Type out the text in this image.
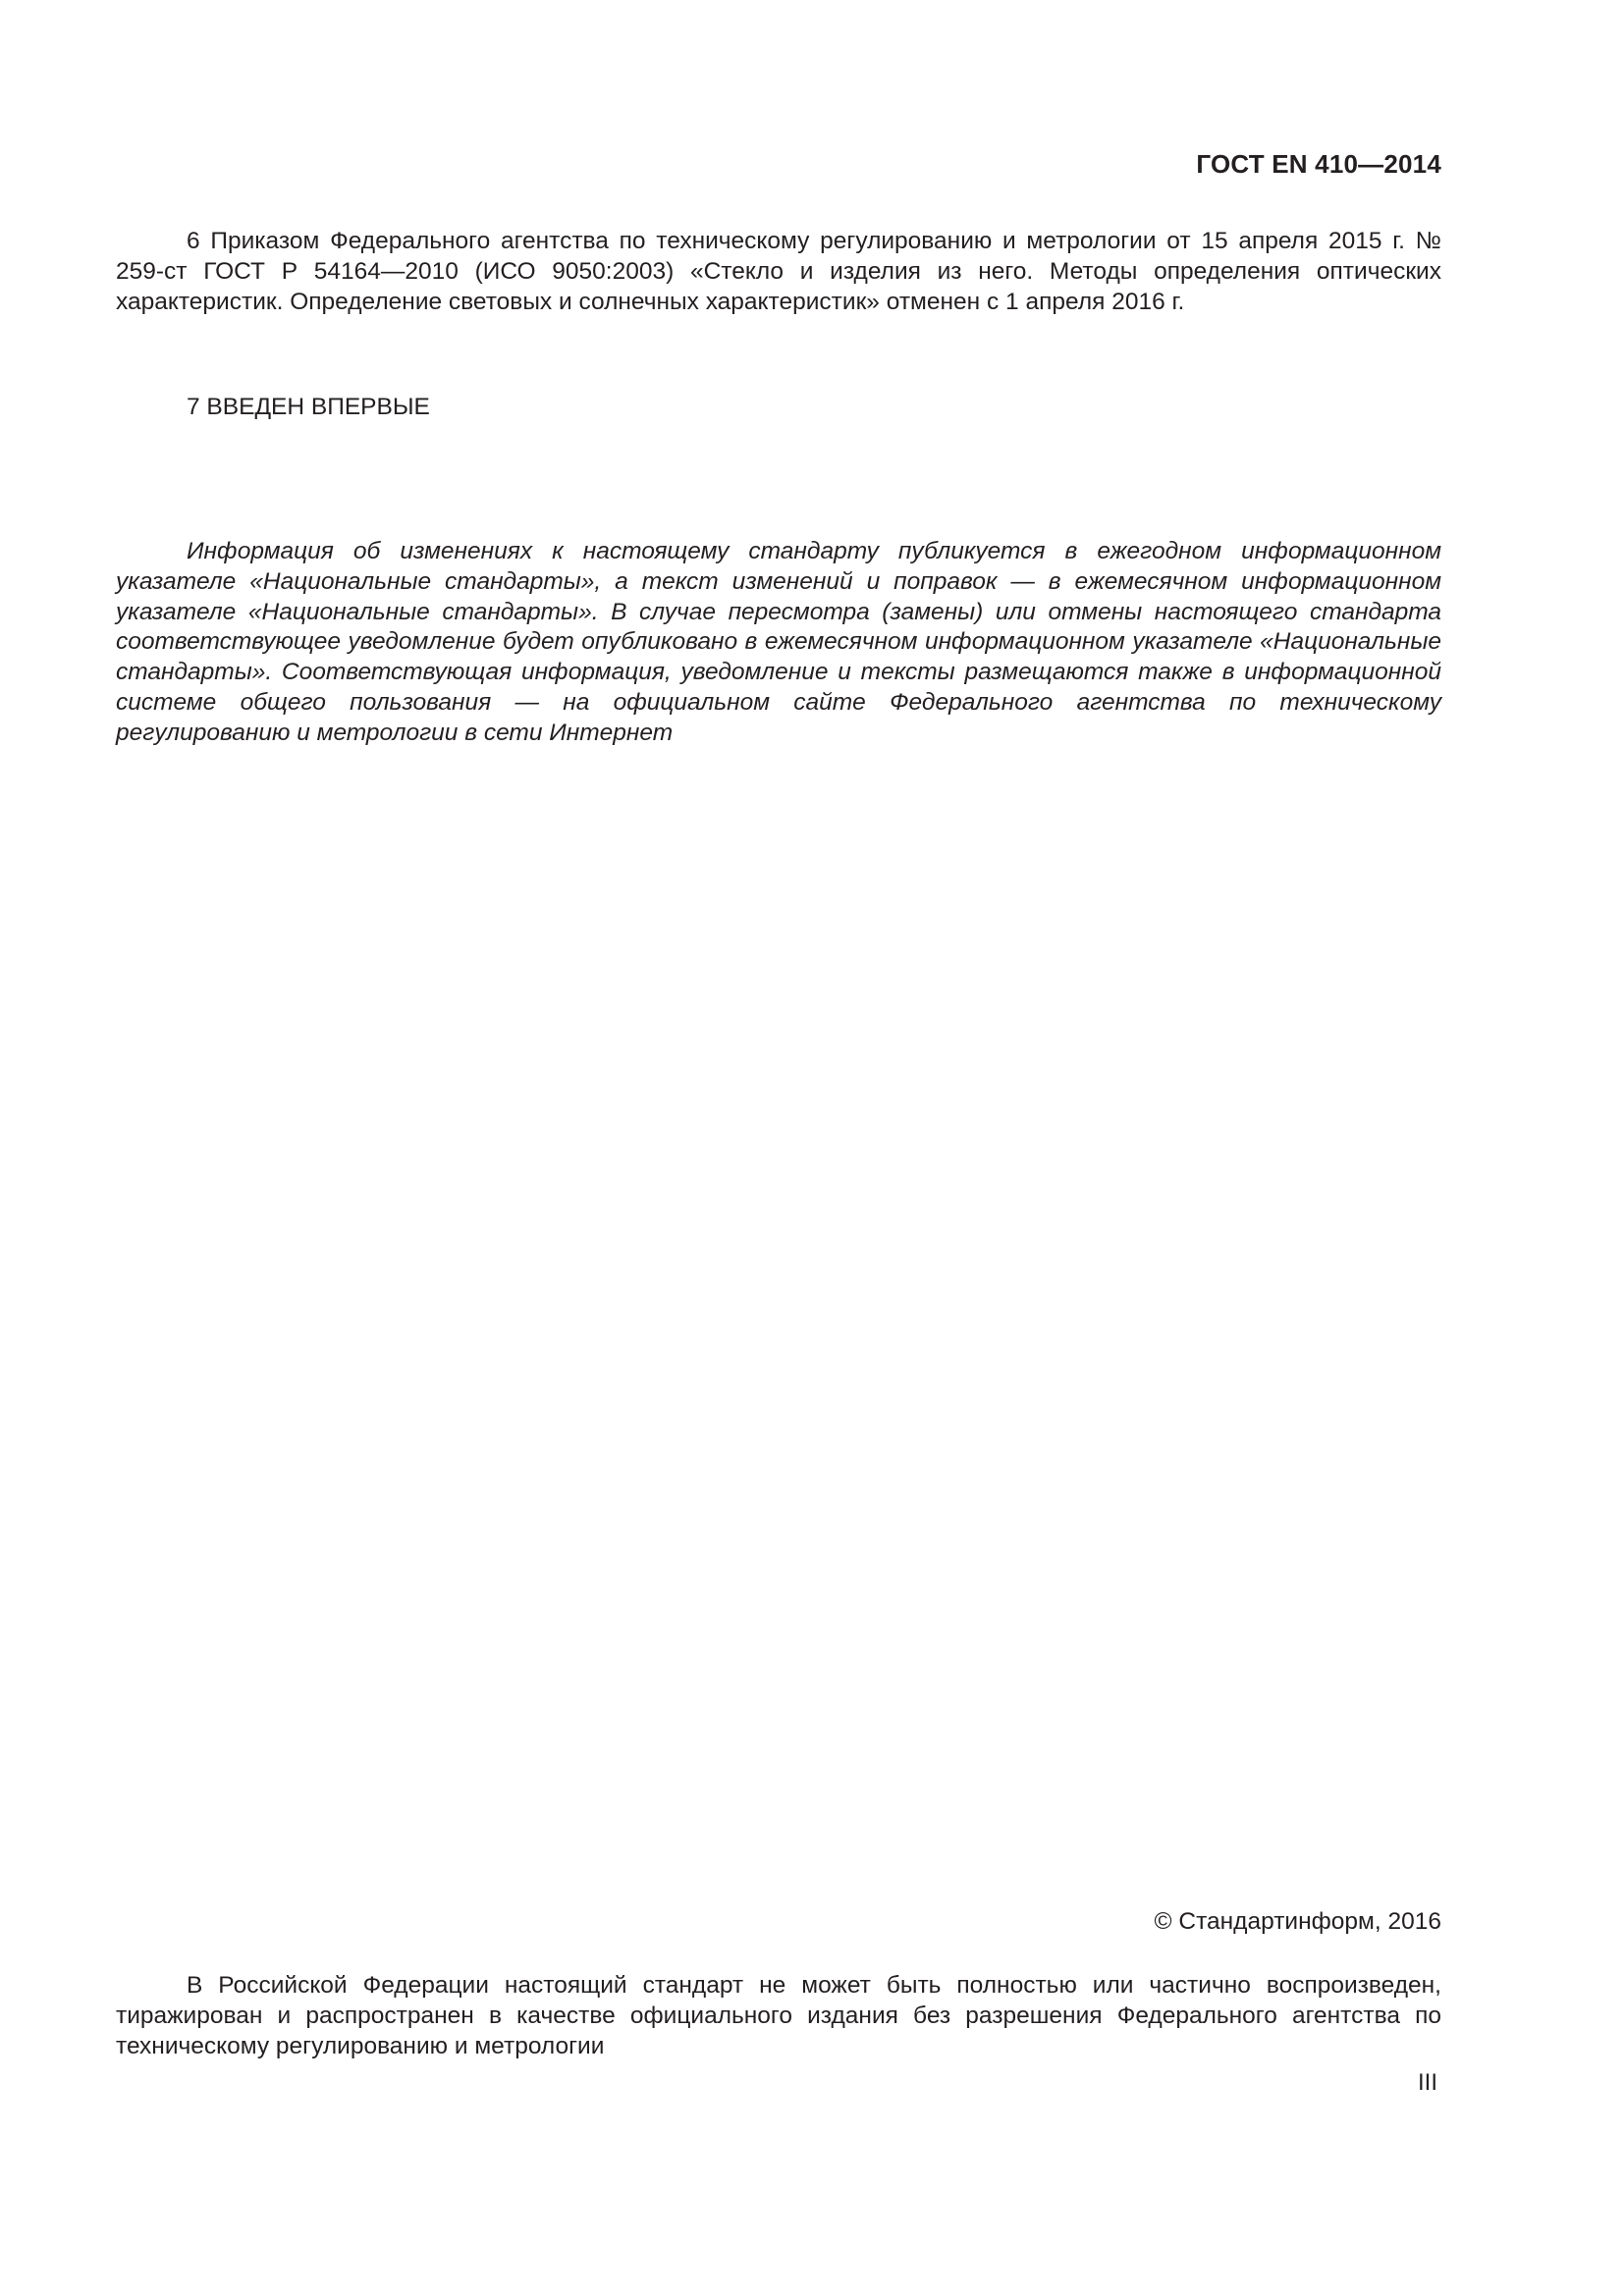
ГОСТ EN 410—2014

6 Приказом Федерального агентства по техническому регулированию и метрологии от 15 апреля 2015 г. № 259-ст ГОСТ Р 54164—2010 (ИСО 9050:2003) «Стекло и изделия из него. Методы определения оптических характеристик. Определение световых и солнечных характеристик» отменен с 1 апреля 2016 г.

7 ВВЕДЕН ВПЕРВЫЕ

Информация об изменениях к настоящему стандарту публикуется в ежегодном информационном указателе «Национальные стандарты», а текст изменений и поправок — в ежемесячном информационном указателе «Национальные стандарты». В случае пересмотра (замены) или отмены настоящего стандарта соответствующее уведомление будет опубликовано в ежемесячном информационном указателе «Национальные стандарты». Соответствующая информация, уведомление и тексты размещаются также в информационной системе общего пользования — на официальном сайте Федерального агентства по техническому регулированию и метрологии в сети Интернет

© Стандартинформ, 2016

В Российской Федерации настоящий стандарт не может быть полностью или частично воспроизведен, тиражирован и распространен в качестве официального издания без разрешения Федерального агентства по техническому регулированию и метрологии

III
